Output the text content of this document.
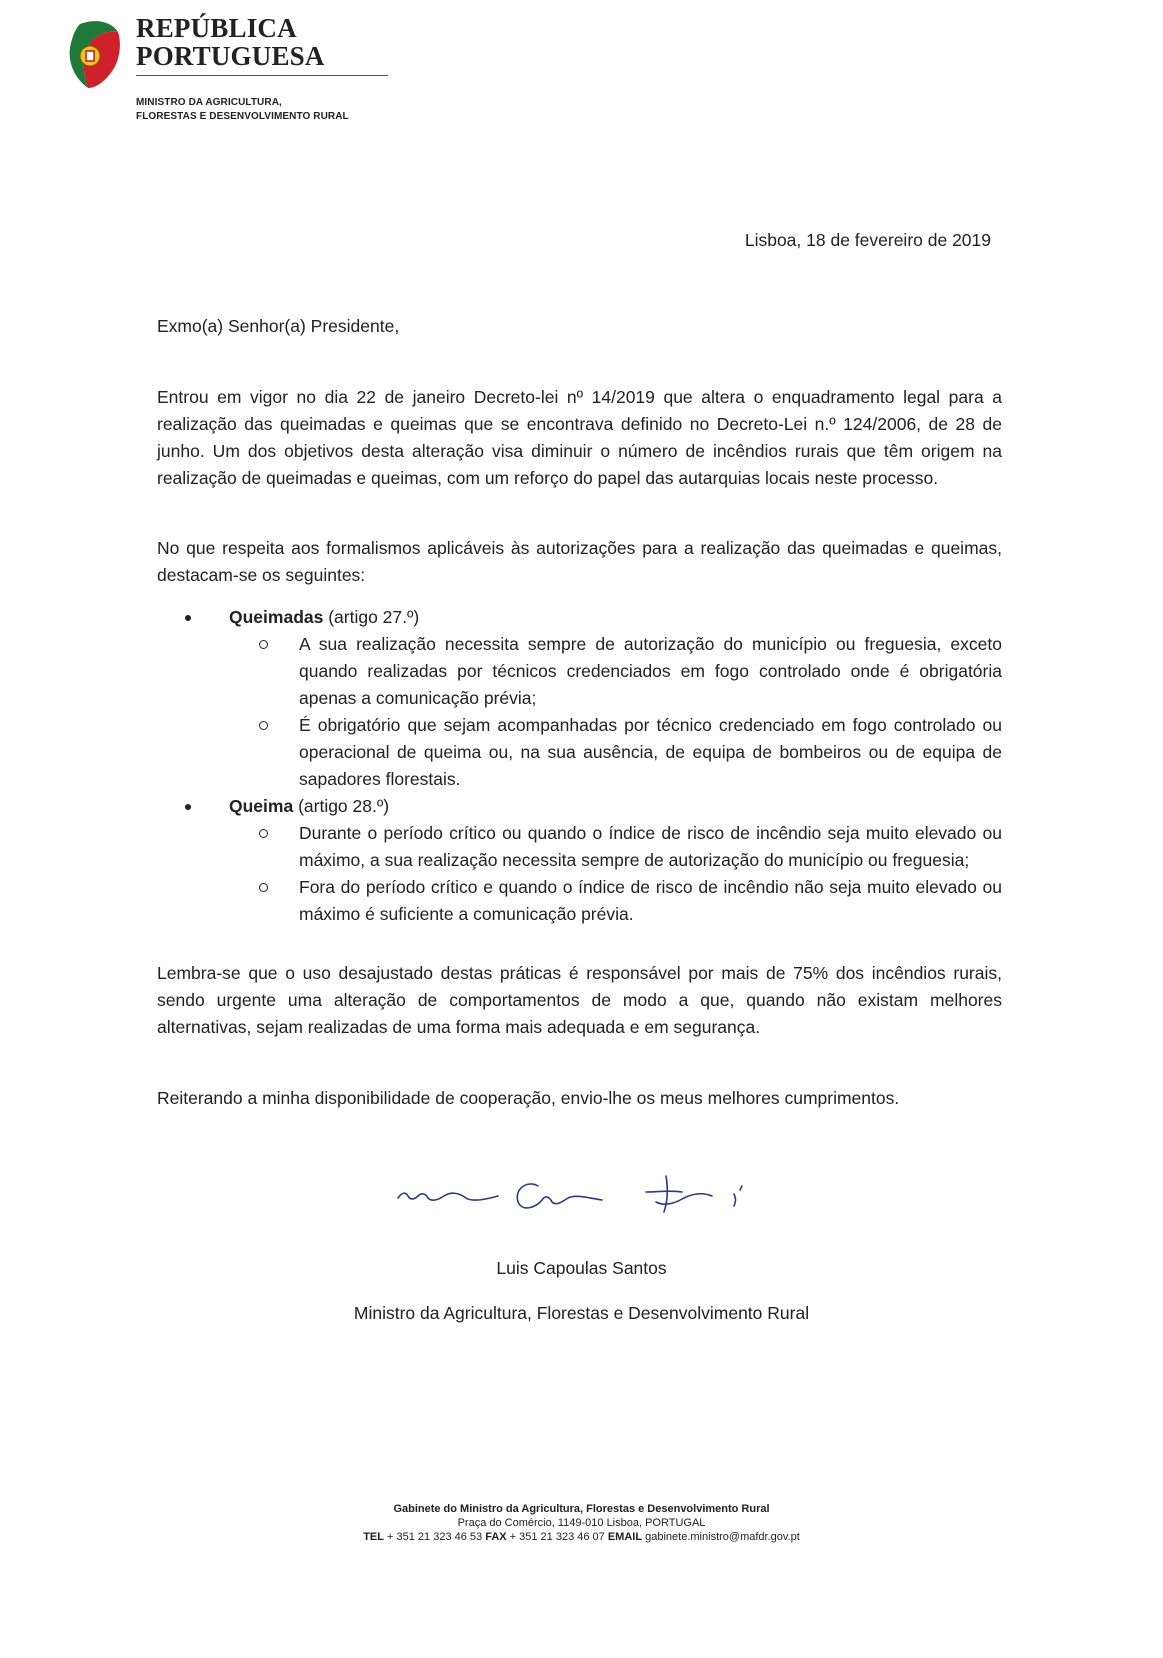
REPÚBLICA
PORTUGUESA
MINISTRO DA AGRICULTURA,
FLORESTAS E DESENVOLVIMENTO RURAL
Lisboa, 18 de fevereiro de 2019
Exmo(a) Senhor(a) Presidente,

Entrou em vigor no dia 22 de janeiro Decreto-lei nº 14/2019 que altera o enquadramento legal para a realização das queimadas e queimas que se encontrava definido no Decreto-Lei n.º 124/2006, de 28 de junho. Um dos objetivos desta alteração visa diminuir o número de incêndios rurais que têm origem na realização de queimadas e queimas, com um reforço do papel das autarquias locais neste processo.

No que respeita aos formalismos aplicáveis às autorizações para a realização das queimadas e queimas, destacam-se os seguintes:

Queimadas (artigo 27.º)
A sua realização necessita sempre de autorização do município ou freguesia, exceto quando realizadas por técnicos credenciados em fogo controlado onde é obrigatória apenas a comunicação prévia;
É obrigatório que sejam acompanhadas por técnico credenciado em fogo controlado ou operacional de queima ou, na sua ausência, de equipa de bombeiros ou de equipa de sapadores florestais.
Queima (artigo 28.º)
Durante o período crítico ou quando o índice de risco de incêndio seja muito elevado ou máximo, a sua realização necessita sempre de autorização do município ou freguesia;
Fora do período crítico e quando o índice de risco de incêndio não seja muito elevado ou máximo é suficiente a comunicação prévia.

Lembra-se que o uso desajustado destas práticas é responsável por mais de 75% dos incêndios rurais, sendo urgente uma alteração de comportamentos de modo a que, quando não existam melhores alternativas, sejam realizadas de uma forma mais adequada e em segurança.

Reiterando a minha disponibilidade de cooperação, envio-lhe os meus melhores cumprimentos.

Luis Capoulas Santos
Ministro da Agricultura, Florestas e Desenvolvimento Rural
Gabinete do Ministro da Agricultura, Florestas e Desenvolvimento Rural
Praça do Comércio, 1149-010 Lisboa, PORTUGAL
TEL + 351 21 323 46 53 FAX + 351 21 323 46 07 EMAIL gabinete.ministro@mafdr.gov.pt
